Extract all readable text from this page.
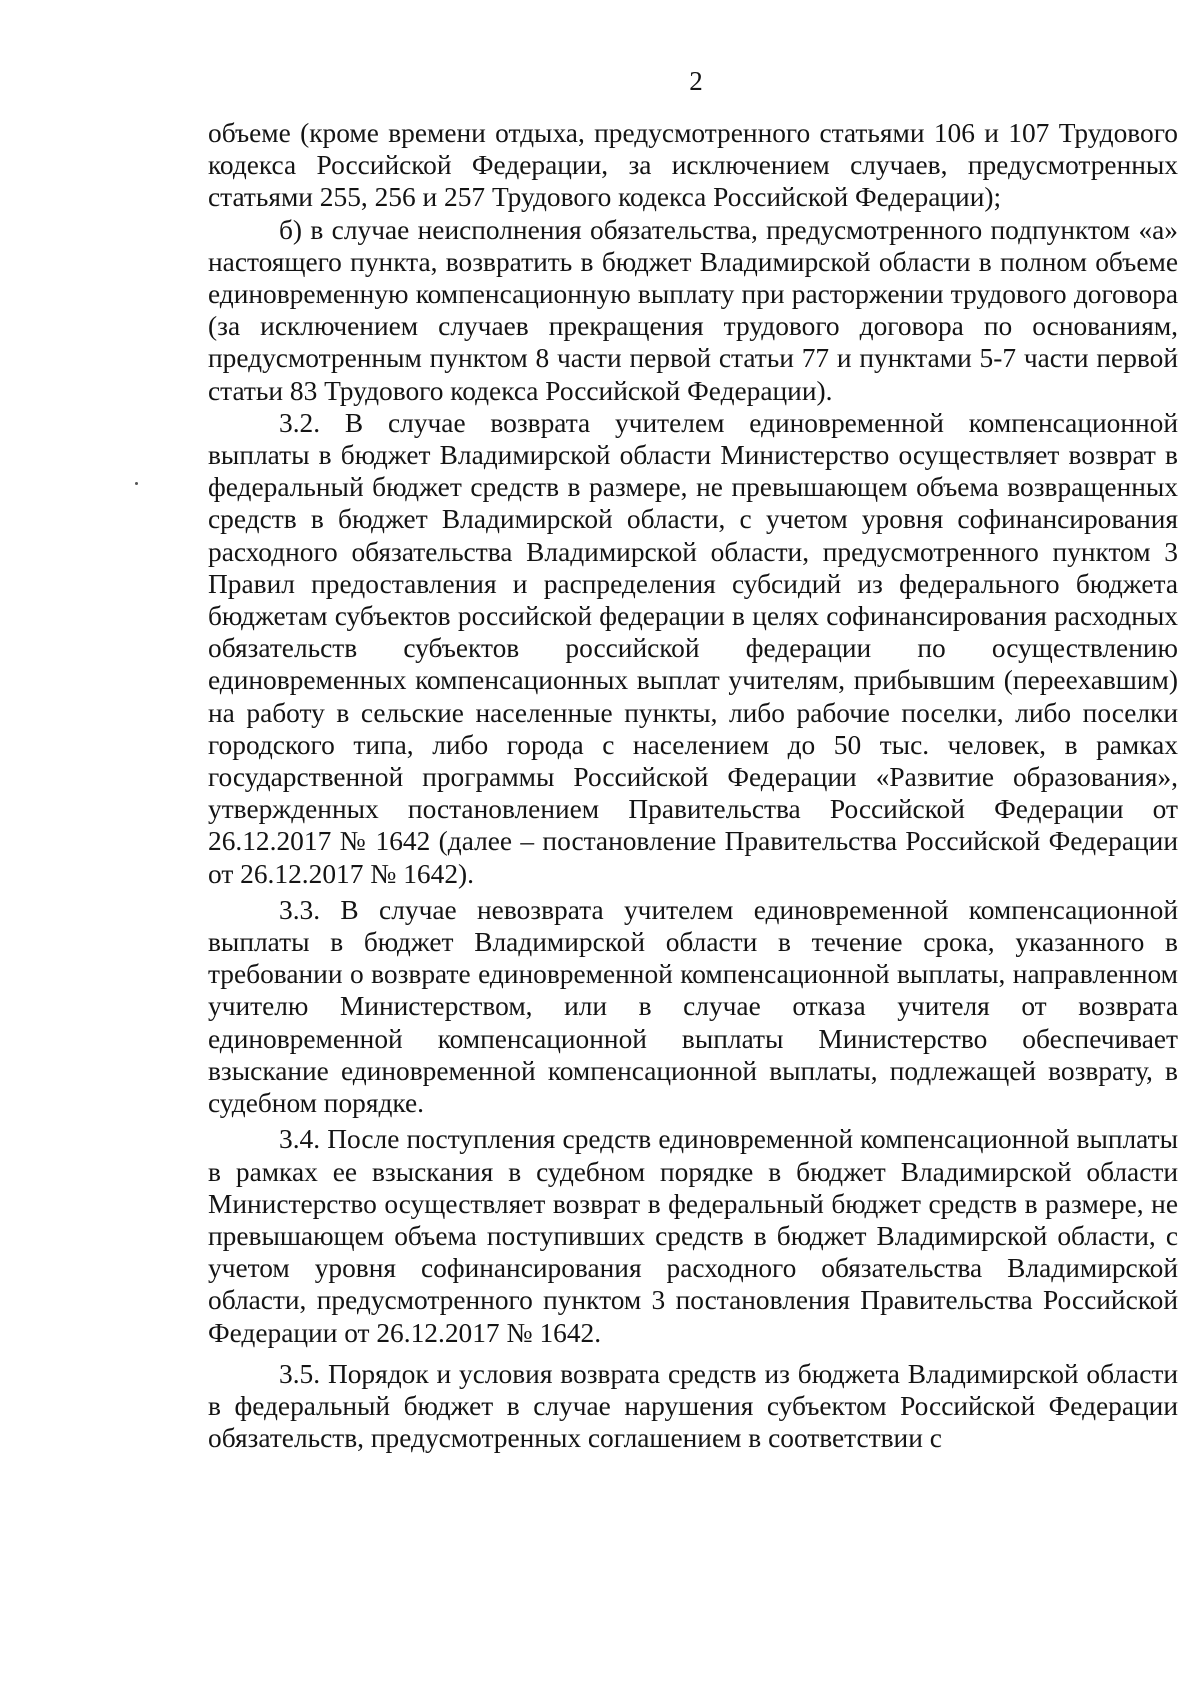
2

объеме (кроме времени отдыха, предусмотренного статьями 106 и 107 Трудового кодекса Российской Федерации, за исключением случаев, предусмотренных статьями 255, 256 и 257 Трудового кодекса Российской Федерации);

б) в случае неисполнения обязательства, предусмотренного подпунктом «а» настоящего пункта, возвратить в бюджет Владимирской области в полном объеме единовременную компенсационную выплату при расторжении трудового договора (за исключением случаев прекращения трудового договора по основаниям, предусмотренным пунктом 8 части первой статьи 77 и пунктами 5-7 части первой статьи 83 Трудового кодекса Российской Федерации).

3.2. В случае возврата учителем единовременной компенсационной выплаты в бюджет Владимирской области Министерство осуществляет возврат в федеральный бюджет средств в размере, не превышающем объема возвращенных средств в бюджет Владимирской области, с учетом уровня софинансирования расходного обязательства Владимирской области, предусмотренного пунктом 3 Правил предоставления и распределения субсидий из федерального бюджета бюджетам субъектов российской федерации в целях софинансирования расходных обязательств субъектов российской федерации по осуществлению единовременных компенсационных выплат учителям, прибывшим (переехавшим) на работу в сельские населенные пункты, либо рабочие поселки, либо поселки городского типа, либо города с населением до 50 тыс. человек, в рамках государственной программы Российской Федерации «Развитие образования», утвержденных постановлением Правительства Российской Федерации от 26.12.2017 № 1642 (далее – постановление Правительства Российской Федерации от 26.12.2017 № 1642).

3.3. В случае невозврата учителем единовременной компенсационной выплаты в бюджет Владимирской области в течение срока, указанного в требовании о возврате единовременной компенсационной выплаты, направленном учителю Министерством, или в случае отказа учителя от возврата единовременной компенсационной выплаты Министерство обеспечивает взыскание единовременной компенсационной выплаты, подлежащей возврату, в судебном порядке.

3.4. После поступления средств единовременной компенсационной выплаты в рамках ее взыскания в судебном порядке в бюджет Владимирской области Министерство осуществляет возврат в федеральный бюджет средств в размере, не превышающем объема поступивших средств в бюджет Владимирской области, с учетом уровня софинансирования расходного обязательства Владимирской области, предусмотренного пунктом 3 постановления Правительства Российской Федерации от 26.12.2017 № 1642.

3.5. Порядок и условия возврата средств из бюджета Владимирской области в федеральный бюджет в случае нарушения субъектом Российской Федерации обязательств, предусмотренных соглашением в соответствии с
